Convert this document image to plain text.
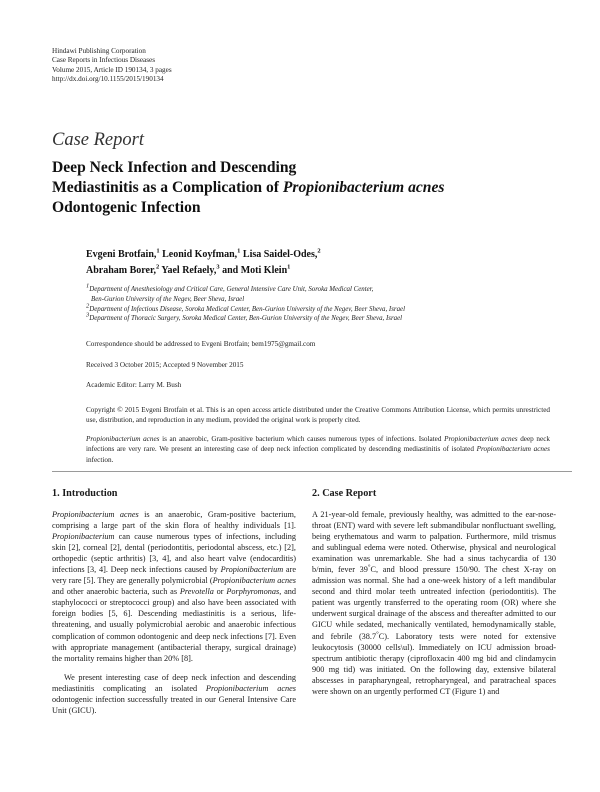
Hindawi Publishing Corporation
Case Reports in Infectious Diseases
Volume 2015, Article ID 190134, 3 pages
http://dx.doi.org/10.1155/2015/190134
Case Report
Deep Neck Infection and Descending
Mediastinitis as a Complication of Propionibacterium acnes
Odontogenic Infection
Evgeni Brotfain,$^1$ Leonid Koyfman,$^1$ Lisa Saidel-Odes,$^2$
Abraham Borer,$^2$ Yael Refaely,$^3$ and Moti Klein$^1$
$^1$Department of Anesthesiology and Critical Care, General Intensive Care Unit, Soroka Medical Center,
Ben-Gurion University of the Negev, Beer Sheva, Israel
$^2$Department of Infectious Disease, Soroka Medical Center, Ben-Gurion University of the Negev, Beer Sheva, Israel
$^3$Department of Thoracic Surgery, Soroka Medical Center, Ben-Gurion University of the Negev, Beer Sheva, Israel
Correspondence should be addressed to Evgeni Brotfain; bem1975@gmail.com
Received 3 October 2015; Accepted 9 November 2015
Academic Editor: Larry M. Bush
Copyright © 2015 Evgeni Brotfain et al. This is an open access article distributed under the Creative Commons Attribution License, which permits unrestricted use, distribution, and reproduction in any medium, provided the original work is properly cited.
Propionibacterium acnes is an anaerobic, Gram-positive bacterium which causes numerous types of infections. Isolated Propionibacterium acnes deep neck infections are very rare. We present an interesting case of deep neck infection complicated by descending mediastinitis of isolated Propionibacterium acnes infection.
1. Introduction

Propionibacterium acnes is an anaerobic, Gram-positive bacterium, comprising a large part of the skin flora of healthy individuals [1]. Propionibacterium can cause numerous types of infections, including skin [2], corneal [2], dental (periodontitis, periodontal abscess, etc.) [2], orthopedic (septic arthritis) [3, 4], and also heart valve (endocarditis) infections [3, 4]. Deep neck infections caused by Propionibacterium are very rare [5]. They are generally polymicrobial (Propionibacterium acnes and other anaerobic bacteria, such as Prevotella or Porphyromonas, and staphylococci or streptococci group) and also have been associated with foreign bodies [5, 6]. Descending mediastinitis is a serious, life-threatening, and usually polymicrobial aerobic and anaerobic infectious complication of common odontogenic and deep neck infections [7]. Even with appropriate management (antibacterial therapy, surgical drainage) the mortality remains higher than 20% [8].

We present interesting case of deep neck infection and descending mediastinitis complicating an isolated Propionibacterium acnes odontogenic infection successfully treated in our General Intensive Care Unit (GICU).

2. Case Report

A 21-year-old female, previously healthy, was admitted to the ear-nose-throat (ENT) ward with severe left submandibular nonfluctuant swelling, being erythematous and warm to palpation. Furthermore, mild trismus and sublingual edema were noted. Otherwise, physical and neurological examination was unremarkable. She had a sinus tachycardia of 130 b/min, fever 39°C, and blood pressure 150/90. The chest X-ray on admission was normal. She had a one-week history of a left mandibular second and third molar teeth untreated infection (periodontitis). The patient was urgently transferred to the operating room (OR) where she underwent surgical drainage of the abscess and thereafter admitted to our GICU while sedated, mechanically ventilated, hemodynamically stable, and febrile (38.7°C). Laboratory tests were noted for extensive leukocytosis (30000 cells\ul). Immediately on ICU admission broad-spectrum antibiotic therapy (ciprofloxacin 400 mg bid and clindamycin 900 mg tid) was initiated. On the following day, extensive bilateral abscesses in parapharyngeal, retropharyngeal, and paratracheal spaces were shown on an urgently performed CT (Figure 1) and
